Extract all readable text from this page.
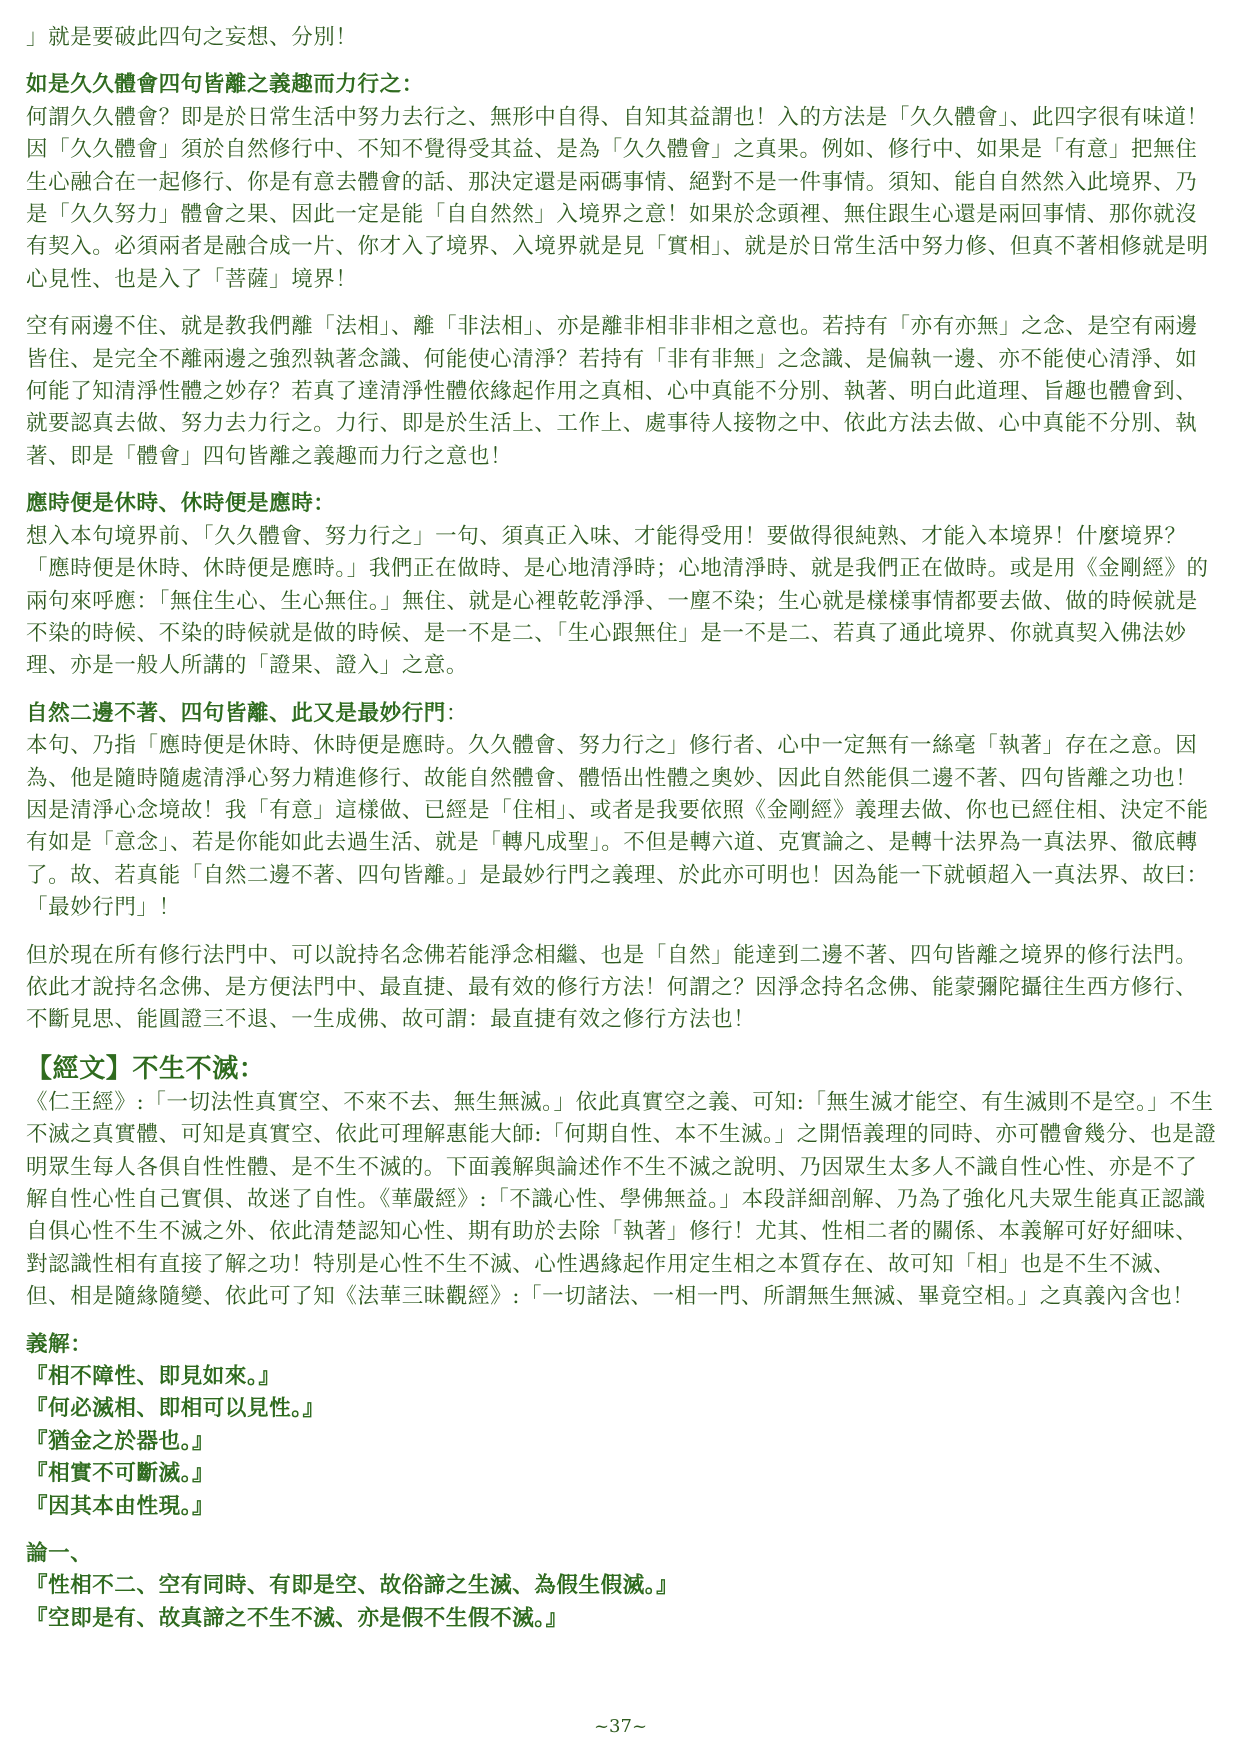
」就是要破此四句之妄想、分別！

如是久久體會四句皆離之義趣而力行之：

何謂久久體會？即是於日常生活中努力去行之、無形中自得、自知其益謂也！入的方法是「久久體會」、此四字很有味道！因「久久體會」須於自然修行中、不知不覺得受其益、是為「久久體會」之真果。例如、修行中、如果是「有意」把無住生心融合在一起修行、你是有意去體會的話、那決定還是兩碼事情、絕對不是一件事情。須知、能自自然然入此境界、乃是「久久努力」體會之果、因此一定是能「自自然然」入境界之意！如果於念頭裡、無住跟生心還是兩回事情、那你就沒有契入。必須兩者是融合成一片、你才入了境界、入境界就是見「實相」、就是於日常生活中努力修、但真不著相修就是明心見性、也是入了「菩薩」境界！

空有兩邊不住、就是教我們離「法相」、離「非法相」、亦是離非相非非相之意也。若持有「亦有亦無」之念、是空有兩邊皆住、是完全不離兩邊之強烈執著念識、何能使心清淨？若持有「非有非無」之念識、是偏執一邊、亦不能使心清淨、如何能了知清淨性體之妙存？若真了達清淨性體依緣起作用之真相、心中真能不分別、執著、明白此道理、旨趣也體會到、就要認真去做、努力去力行之。力行、即是於生活上、工作上、處事待人接物之中、依此方法去做、心中真能不分別、執著、即是「體會」四句皆離之義趣而力行之意也！

應時便是休時、休時便是應時：

想入本句境界前、「久久體會、努力行之」一句、須真正入味、才能得受用！要做得很純熟、才能入本境界！什麼境界？「應時便是休時、休時便是應時。」我們正在做時、是心地清淨時；心地清淨時、就是我們正在做時。或是用《金剛經》的兩句來呼應：「無住生心、生心無住。」無住、就是心裡乾乾淨淨、一塵不染；生心就是樣樣事情都要去做、做的時候就是不染的時候、不染的時候就是做的時候、是一不是二、「生心跟無住」是一不是二、若真了通此境界、你就真契入佛法妙理、亦是一般人所講的「證果、證入」之意。

自然二邊不著、四句皆離、此又是最妙行門：

本句、乃指「應時便是休時、休時便是應時。久久體會、努力行之」修行者、心中一定無有一絲毫「執著」存在之意。因為、他是隨時隨處清淨心努力精進修行、故能自然體會、體悟出性體之奧妙、因此自然能俱二邊不著、四句皆離之功也！因是清淨心念境故！我「有意」這樣做、已經是「住相」、或者是我要依照《金剛經》義理去做、你也已經住相、決定不能有如是「意念」、若是你能如此去過生活、就是「轉凡成聖」。不但是轉六道、克實論之、是轉十法界為一真法界、徹底轉了。故、若真能「自然二邊不著、四句皆離。」是最妙行門之義理、於此亦可明也！因為能一下就頓超入一真法界、故曰：「最妙行門」！

但於現在所有修行法門中、可以說持名念佛若能淨念相繼、也是「自然」能達到二邊不著、四句皆離之境界的修行法門。依此才說持名念佛、是方便法門中、最直捷、最有效的修行方法！何謂之？因淨念持名念佛、能蒙彌陀攝往生西方修行、不斷見思、能圓證三不退、一生成佛、故可謂：最直捷有效之修行方法也！

【經文】不生不滅：

《仁王經》:「一切法性真實空、不來不去、無生無滅。」依此真實空之義、可知:「無生滅才能空、有生滅則不是空。」不生不滅之真實體、可知是真實空、依此可理解惠能大師:「何期自性、本不生滅。」之開悟義理的同時、亦可體會幾分、也是證明眾生每人各俱自性性體、是不生不滅的。下面義解與論述作不生不滅之說明、乃因眾生太多人不識自性心性、亦是不了解自性心性自己實俱、故迷了自性。《華嚴經》:「不識心性、學佛無益。」本段詳細剖解、乃為了強化凡夫眾生能真正認識自俱心性不生不滅之外、依此清楚認知心性、期有助於去除「執著」修行！尤其、性相二者的關係、本義解可好好細味、對認識性相有直接了解之功！特別是心性不生不滅、心性遇緣起作用定生相之本質存在、故可知「相」也是不生不滅、但、相是隨緣隨變、依此可了知《法華三昧觀經》:「一切諸法、一相一門、所謂無生無滅、畢竟空相。」之真義內含也！

義解：

『相不障性、即見如來。』

『何必滅相、即相可以見性。』

『猶金之於器也。』

『相實不可斷滅。』

『因其本由性現。』

論一、

『性相不二、空有同時、有即是空、故俗諦之生滅、為假生假滅。』

『空即是有、故真諦之不生不滅、亦是假不生假不滅。』

~37~
